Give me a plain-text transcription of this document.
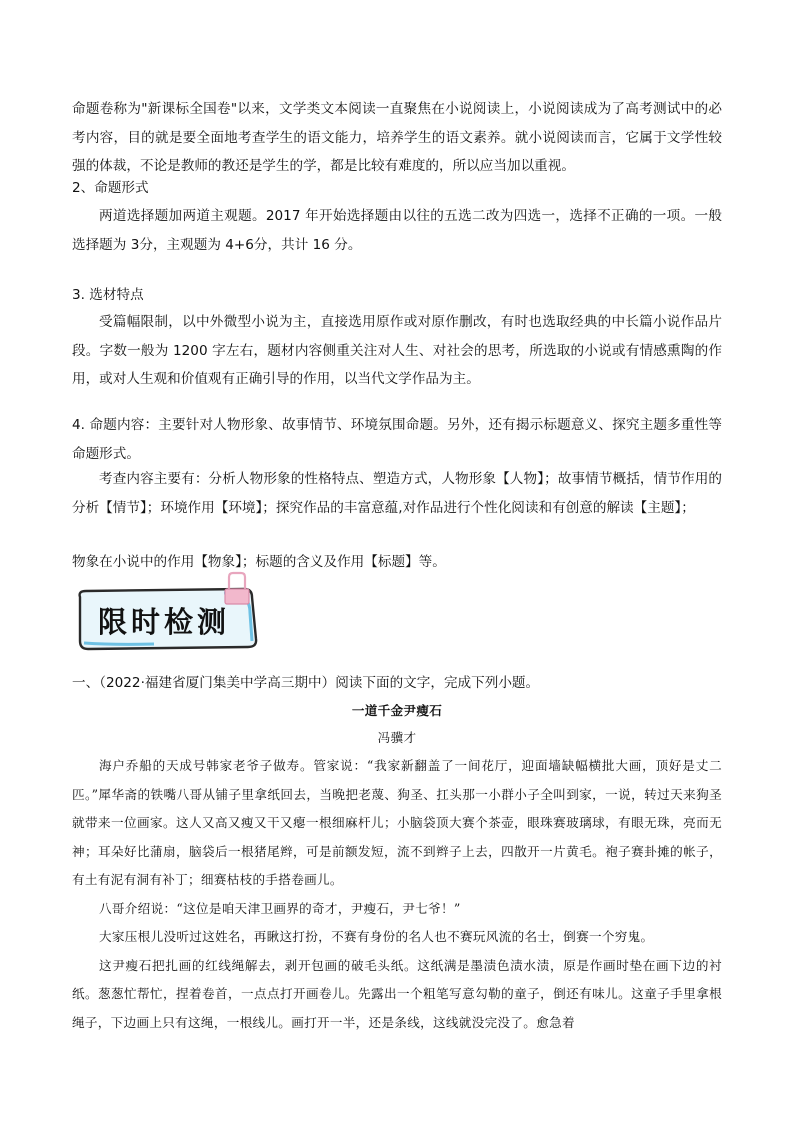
命题卷称为"新课标全国卷"以来，文学类文本阅读一直聚焦在小说阅读上，小说阅读成为了高考测试中的必考内容，目的就是要全面地考查学生的语文能力，培养学生的语文素养。就小说阅读而言，它属于文学性较强的体裁，不论是教师的教还是学生的学，都是比较有难度的，所以应当加以重视。

2、命题形式

两道选择题加两道主观题。2017 年开始选择题由以往的五选二改为四选一，选择不正确的一项。一般选择题为 3分，主观题为 4+6分，共计 16 分。

3. 选材特点

受篇幅限制，以中外微型小说为主，直接选用原作或对原作删改，有时也选取经典的中长篇小说作品片段。字数一般为 1200 字左右，题材内容侧重关注对人生、对社会的思考，所选取的小说或有情感熏陶的作用，或对人生观和价值观有正确引导的作用，以当代文学作品为主。

4. 命题内容：主要针对人物形象、故事情节、环境氛围命题。另外，还有揭示标题意义、探究主题多重性等命题形式。

考查内容主要有：分析人物形象的性格特点、塑造方式，人物形象【人物】；故事情节概括，情节作用的分析【情节】；环境作用【环境】；探究作品的丰富意蕴,对作品进行个性化阅读和有创意的解读【主题】；

物象在小说中的作用【物象】；标题的含义及作用【标题】等。

一、（2022·福建省厦门集美中学高三期中）阅读下面的文字，完成下列小题。

一道千金尹瘦石

冯骥才

海户乔船的天成号韩家老爷子做寿。管家说：“我家新翻盖了一间花厅，迎面墙缺幅横批大画，顶好是丈二匹。”犀华斋的铁嘴八哥从铺子里拿纸回去，当晚把老蔑、狗圣、扛头那一小群小子全叫到家，一说，转过天来狗圣就带来一位画家。这人又高又瘦又干又瘪一根细麻杆儿；小脑袋顶大赛个茶壶，眼珠赛玻璃球，有眼无珠，亮而无神；耳朵好比蒲扇，脑袋后一根猪尾辫，可是前额发短，流不到辫子上去，四散开一片黄毛。袍子赛卦摊的帐子，有土有泥有洞有补丁；细赛枯枝的手搭卷画儿。

八哥介绍说：“这位是咱天津卫画界的奇才，尹瘦石，尹七爷！”

大家压根儿没听过这姓名，再瞅这打扮，不赛有身份的名人也不赛玩风流的名士，倒赛一个穷鬼。

这尹瘦石把扎画的红线绳解去，剥开包画的破毛头纸。这纸满是墨渍色渍水渍，原是作画时垫在画下边的衬纸。葱葱忙帮忙，捏着卷首，一点点打开画卷儿。先露出一个粗笔写意勾勒的童子，倒还有味儿。这童子手里拿根绳子，下边画上只有这绳，一根线儿。画打开一半，还是条线，这线就没完没了。愈急着

限时检测
